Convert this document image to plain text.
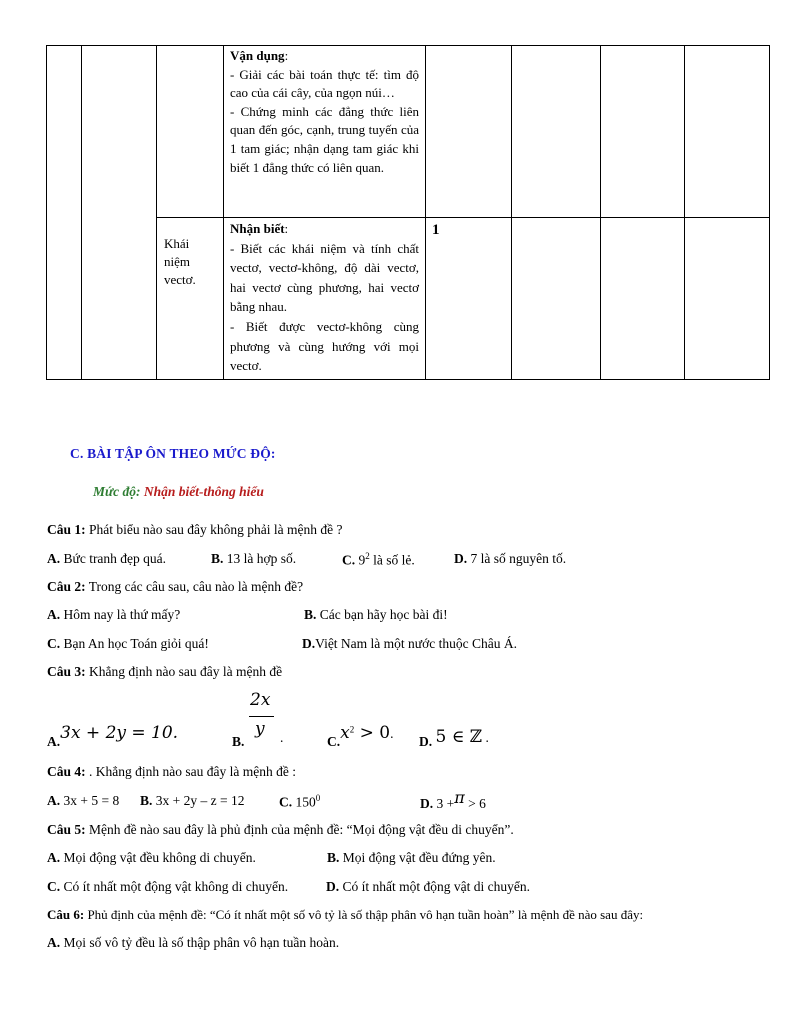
			Vận dụng:
- Giải các bài toán thực tế: tìm độ cao của cái cây, của ngọn núi…
- Chứng minh các đẳng thức liên quan đến góc, cạnh, trung tuyến của 1 tam giác; nhận dạng tam giác khi biết 1 đẳng thức có liên quan.				

		Khái niệm vectơ.	Nhận biết:
- Biết các khái niệm và tính chất vectơ, vectơ-không, độ dài vectơ, hai vectơ cùng phương, hai vectơ bằng nhau.
- Biết được vectơ-không cùng phương và cùng hướng với mọi vectơ.	1			
C. BÀI TẬP ÔN THEO MỨC ĐỘ:
Mức độ: Nhận biết-thông hiểu
Câu 1: Phát biểu nào sau đây không phải là mệnh đề ?
A. Bức tranh đẹp quá.	B. 13 là hợp số.	C. $9^2$ là số lẻ.	D. 7 là số nguyên tố.
Câu 2: Trong các câu sau, câu nào là mệnh đề?
A. Hôm nay là thứ mấy?	B. Các bạn hãy học bài đi!
C. Bạn An học Toán giỏi quá!	D.Việt Nam là một nước thuộc Châu Á.
Câu 3: Khẳng định nào sau đây là mệnh đề
A.3x + 2y = 10.	B.
2x
y .	$C.x^2 > 0$.
D. 5 ∈ ℤ .
Câu 4: . Khẳng định nào sau đây là mệnh đề :
A. 3x + 5 = 8 B. 3x + 2y – z = 12	C. $150^0$	D. 3 +π > 6
Câu 5: Mệnh đề nào sau đây là phủ định của mệnh đề: “Mọi động vật đều di chuyển”.
A. Mọi động vật đều không di chuyển.	B. Mọi động vật đều đứng yên.
C. Có ít nhất một động vật không di chuyển.	D. Có ít nhất một động vật di chuyển.
Câu 6: Phủ định của mệnh đề: “Có ít nhất một số vô tỷ là số thập phân vô hạn tuần hoàn” là mệnh đề nào sau đây:
A. Mọi số vô tỷ đều là số thập phân vô hạn tuần hoàn.
